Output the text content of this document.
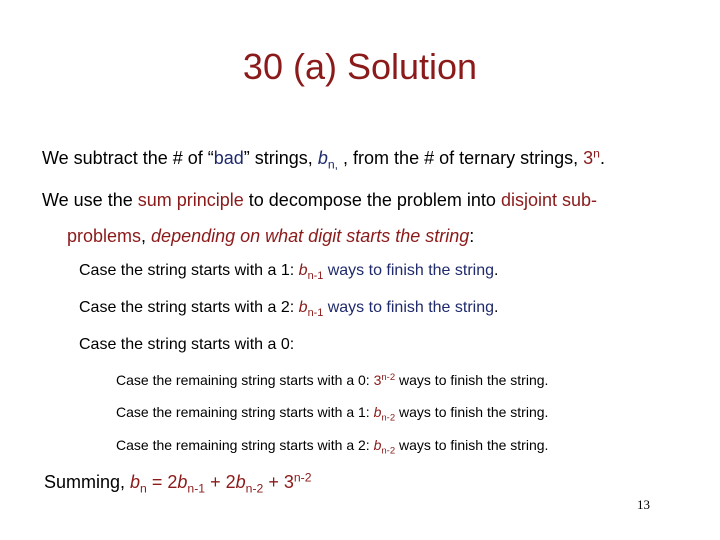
30 (a) Solution
We subtract the # of “bad” strings, $b_{n,}$ , from the # of ternary strings, 3$^n$.
We use the sum principle to decompose the problem into disjoint sub-
problems, depending on what digit starts the string:
Case the string starts with a 1: $b_{n-1}$ ways to finish the string.
Case the string starts with a 2: $b_{n-1}$ ways to finish the string.
Case the string starts with a 0:
Case the remaining string starts with a 0: 3$^{n-2}$ ways to finish the string.
Case the remaining string starts with a 1: $b_{n-2}$ ways to finish the string.
Case the remaining string starts with a 2: $b_{n-2}$ ways to finish the string.
Summing, $b_n = 2b_{n-1} + 2b_{n-2} + 3^{n-2}$
13
